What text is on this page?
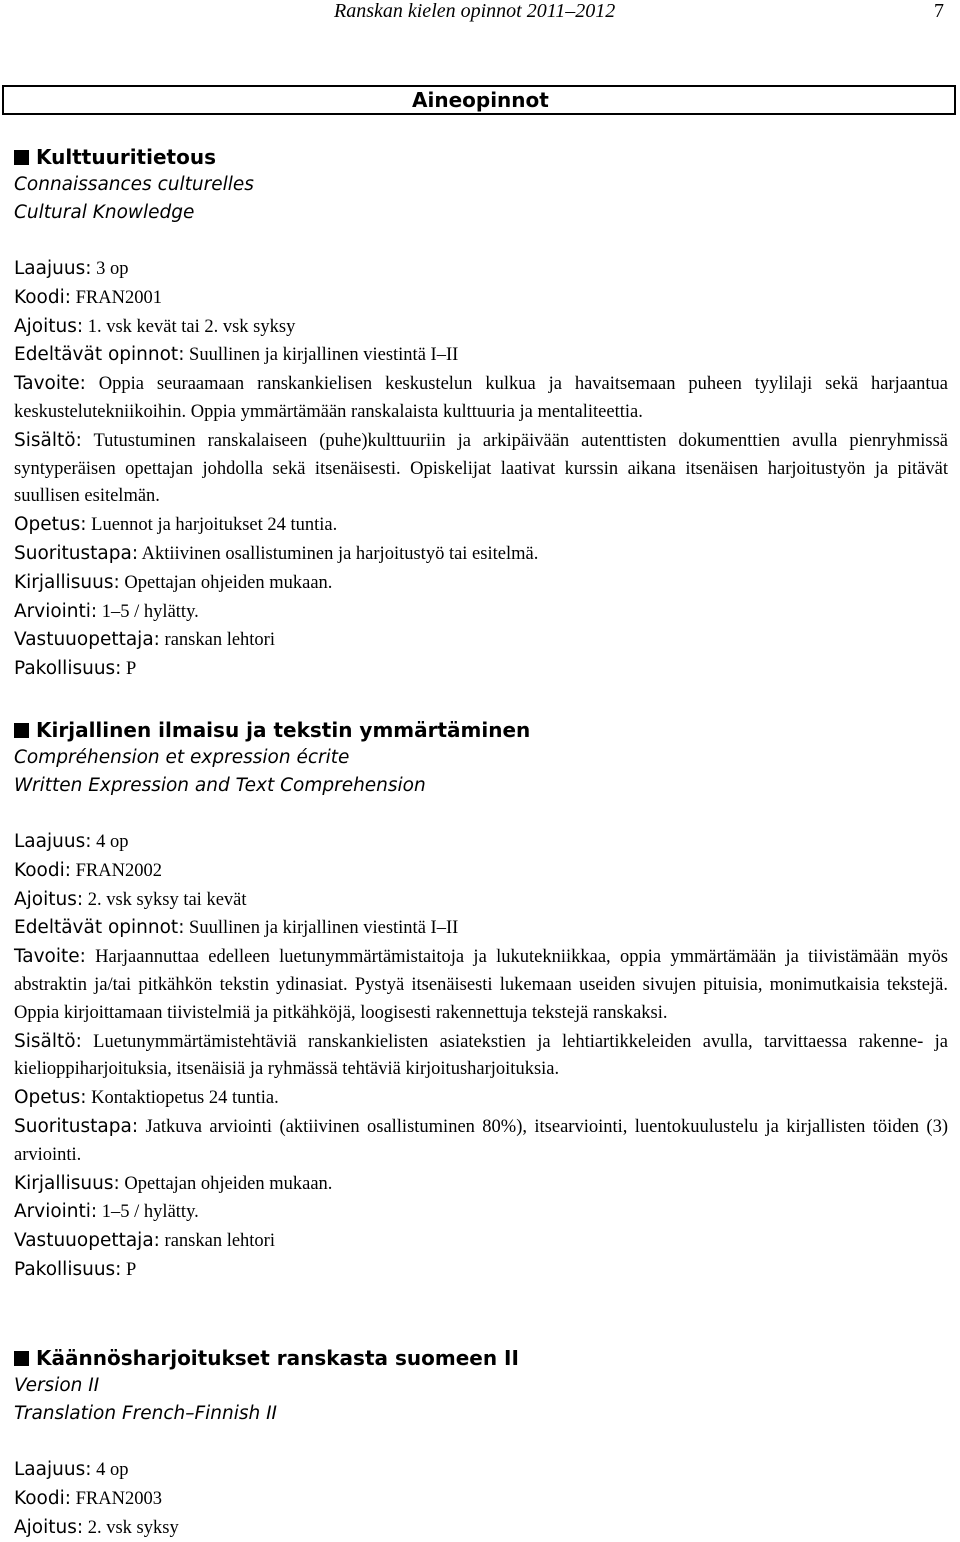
Ranskan kielen opinnot 2011–2012	7
Aineopinnot
Kulttuuritietous
Connaissances culturelles
Cultural Knowledge

Laajuus: 3 op

Koodi: FRAN2001

Ajoitus: 1. vsk kevät tai 2. vsk syksy

Edeltävät opinnot: Suullinen ja kirjallinen viestintä I–II

Tavoite: Oppia seuraamaan ranskankielisen keskustelun kulkua ja havaitsemaan puheen tyylilaji sekä harjaantua keskustelutekniikoihin. Oppia ymmärtämään ranskalaista kulttuuria ja mentaliteettia.

Sisältö: Tutustuminen ranskalaiseen (puhe)kulttuuriin ja arkipäivään autenttisten dokumenttien avulla pienryhmissä syntyperäisen opettajan johdolla sekä itsenäisesti. Opiskelijat laativat kurssin aikana itsenäisen harjoitustyön ja pitävät suullisen esitelmän.

Opetus: Luennot ja harjoitukset 24 tuntia.

Suoritustapa: Aktiivinen osallistuminen ja harjoitustyö tai esitelmä.

Kirjallisuus: Opettajan ohjeiden mukaan.

Arviointi: 1–5 / hylätty.

Vastuuopettaja: ranskan lehtori

Pakollisuus: P

Kirjallinen ilmaisu ja tekstin ymmärtäminen
Compréhension et expression écrite
Written Expression and Text Comprehension

Laajuus: 4 op

Koodi: FRAN2002

Ajoitus: 2. vsk syksy tai kevät

Edeltävät opinnot: Suullinen ja kirjallinen viestintä I–II

Tavoite: Harjaannuttaa edelleen luetunymmärtämistaitoja ja lukutekniikkaa, oppia ymmärtämään ja tiivistämään myös abstraktin ja/tai pitkähkön tekstin ydinasiat. Pystyä itsenäisesti lukemaan useiden sivujen pituisia, monimutkaisia tekstejä. Oppia kirjoittamaan tiivistelmiä ja pitkähköjä, loogisesti rakennettuja tekstejä ranskaksi.

Sisältö: Luetunymmärtämistehtäviä ranskankielisten asiatekstien ja lehtiartikkeleiden avulla, tarvittaessa rakenne- ja kielioppiharjoituksia, itsenäisiä ja ryhmässä tehtäviä kirjoitusharjoituksia.

Opetus: Kontaktiopetus 24 tuntia.

Suoritustapa: Jatkuva arviointi (aktiivinen osallistuminen 80%), itsearviointi, luentokuulustelu ja kirjallisten töiden (3) arviointi.

Kirjallisuus: Opettajan ohjeiden mukaan.

Arviointi: 1–5 / hylätty.

Vastuuopettaja: ranskan lehtori

Pakollisuus: P

Käännösharjoitukset ranskasta suomeen II
Version II
Translation French–Finnish II

Laajuus: 4 op

Koodi: FRAN2003

Ajoitus: 2. vsk syksy
